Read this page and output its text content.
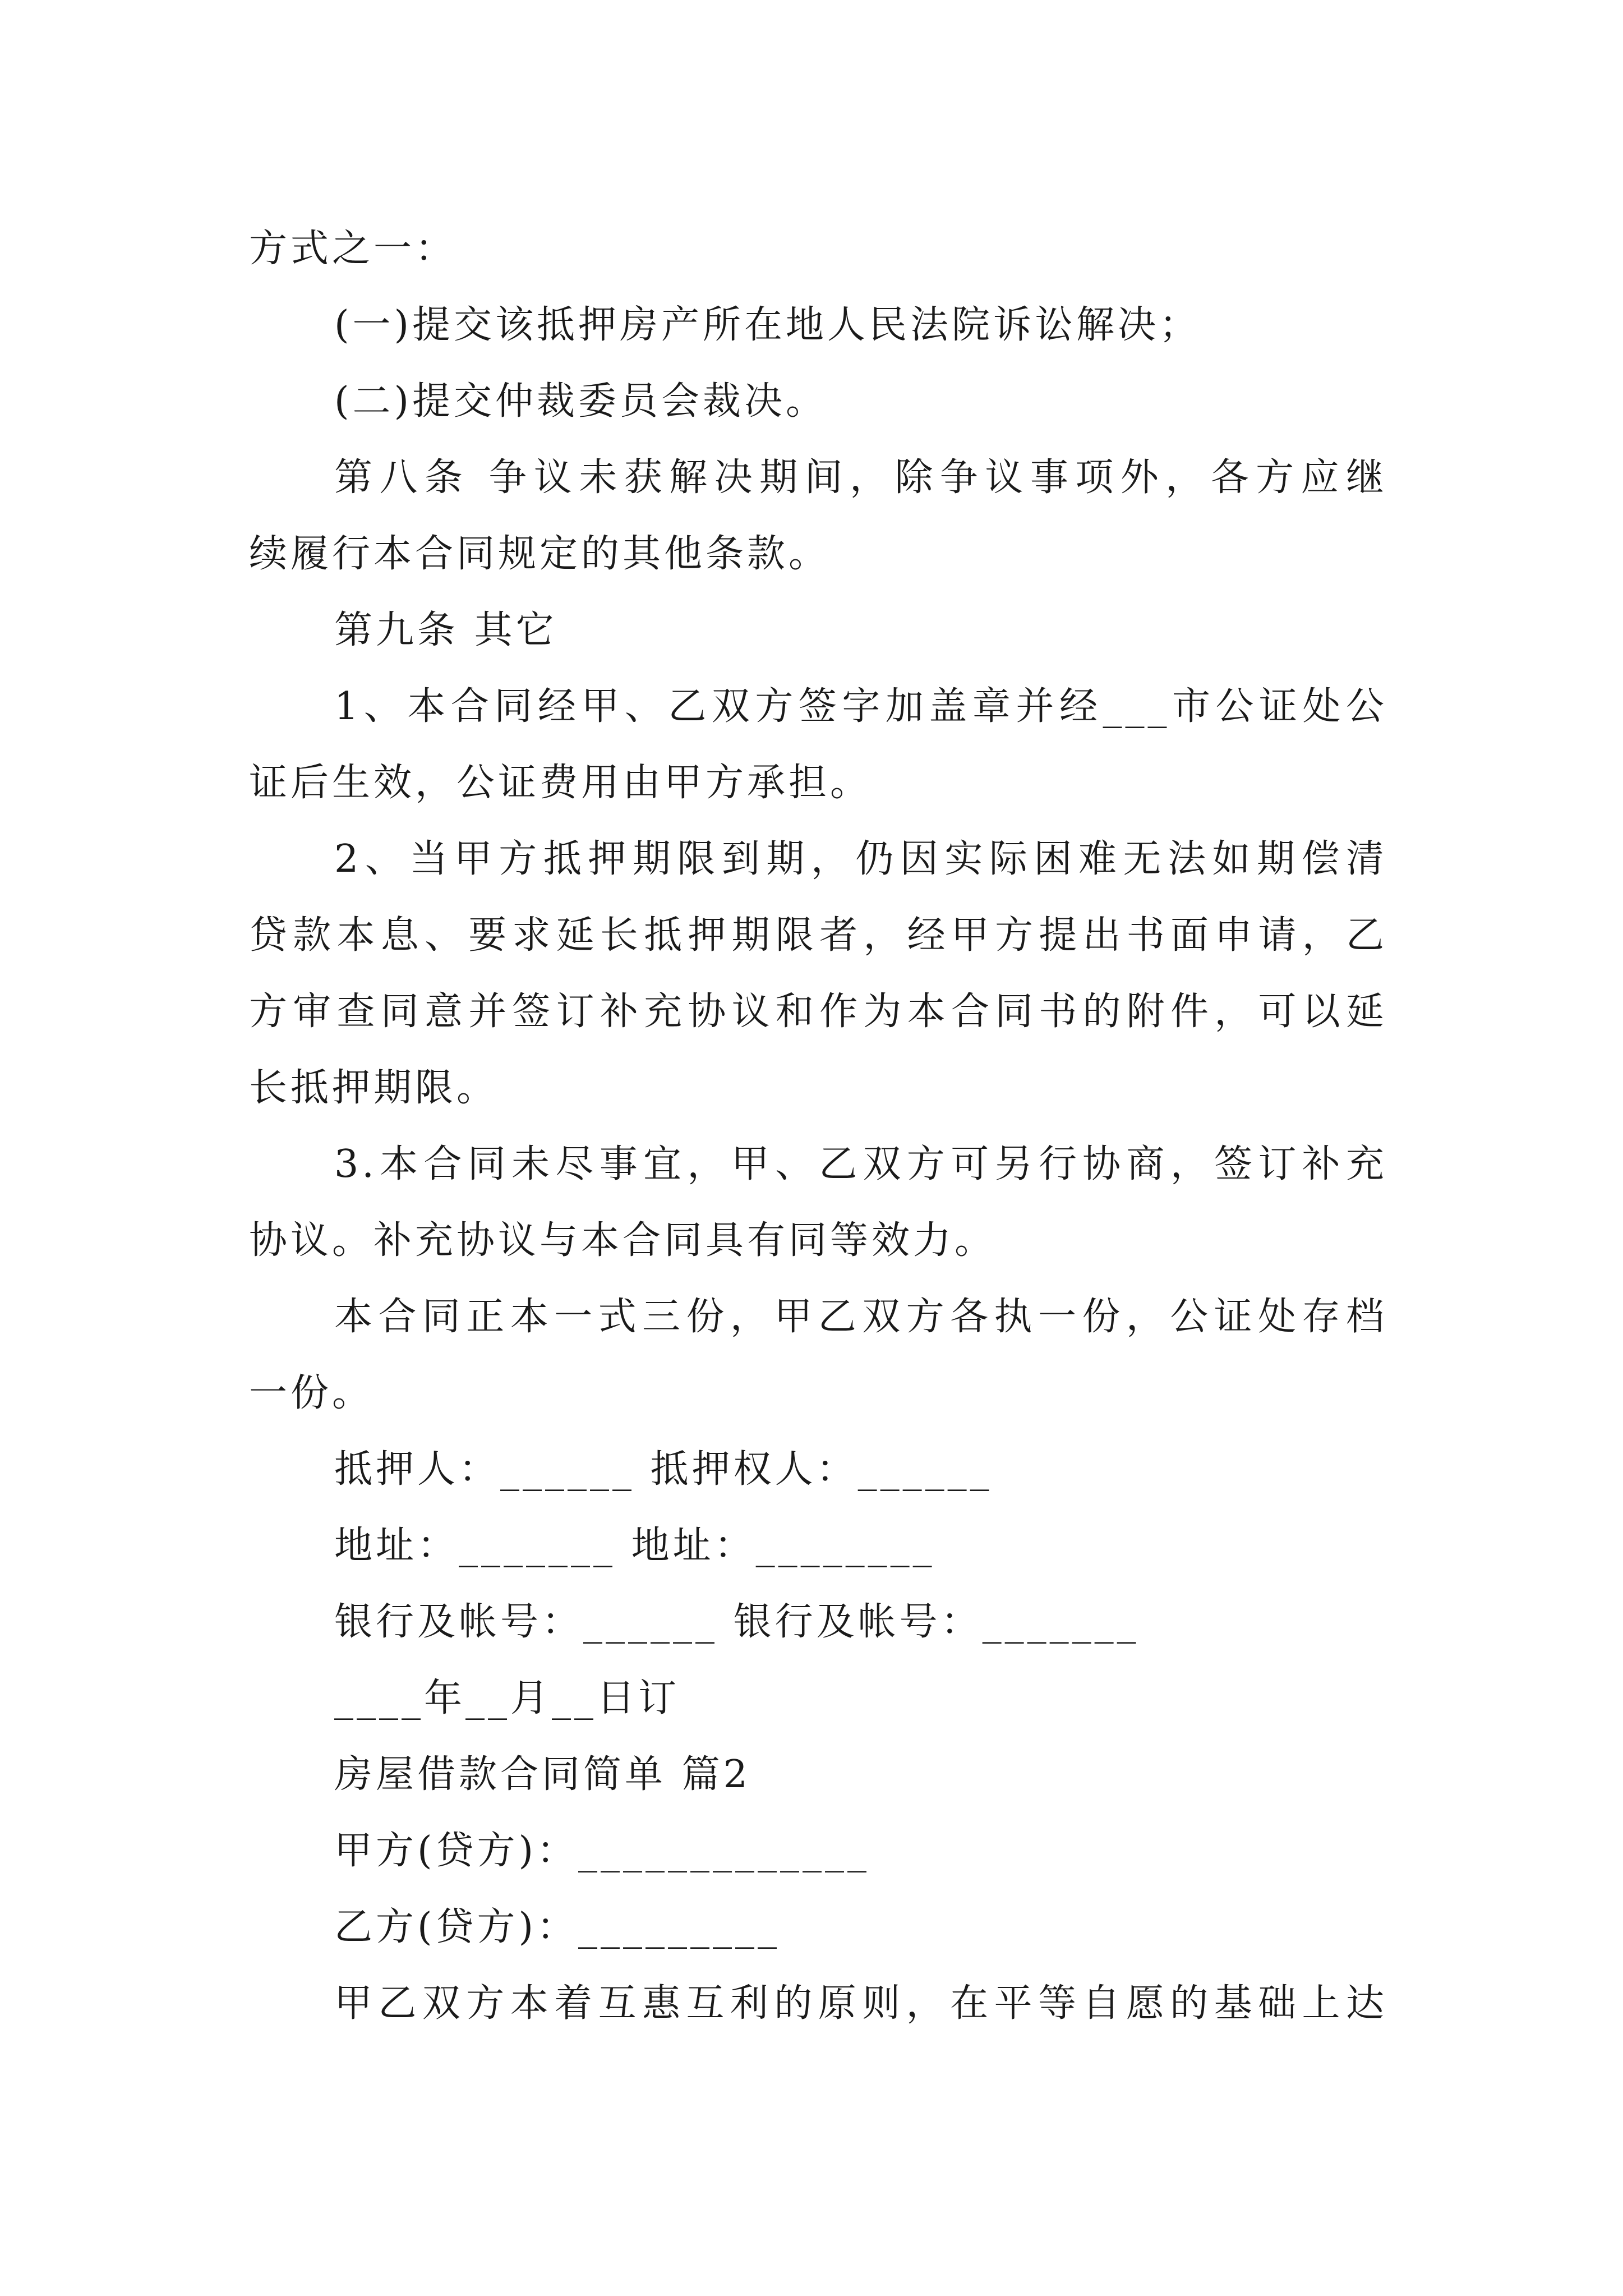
方式之一：

(一)提交该抵押房产所在地人民法院诉讼解决；

(二)提交仲裁委员会裁决。

第八条 争议未获解决期间，除争议事项外，各方应继

续履行本合同规定的其他条款。

第九条 其它

1、本合同经甲、乙双方签字加盖章并经___市公证处公

证后生效，公证费用由甲方承担。

2、当甲方抵押期限到期，仍因实际困难无法如期偿清

贷款本息、要求延长抵押期限者，经甲方提出书面申请，乙

方审查同意并签订补充协议和作为本合同书的附件，可以延

长抵押期限。

3.本合同未尽事宜，甲、乙双方可另行协商，签订补充

协议。补充协议与本合同具有同等效力。

本合同正本一式三份，甲乙双方各执一份，公证处存档

一份。

抵押人：______ 抵押权人：______

地址：_______ 地址：________

银行及帐号：______ 银行及帐号：_______

____年__月__日订

房屋借款合同简单 篇2

甲方(贷方)：_____________

乙方(贷方)：_________

甲乙双方本着互惠互利的原则，在平等自愿的基础上达
